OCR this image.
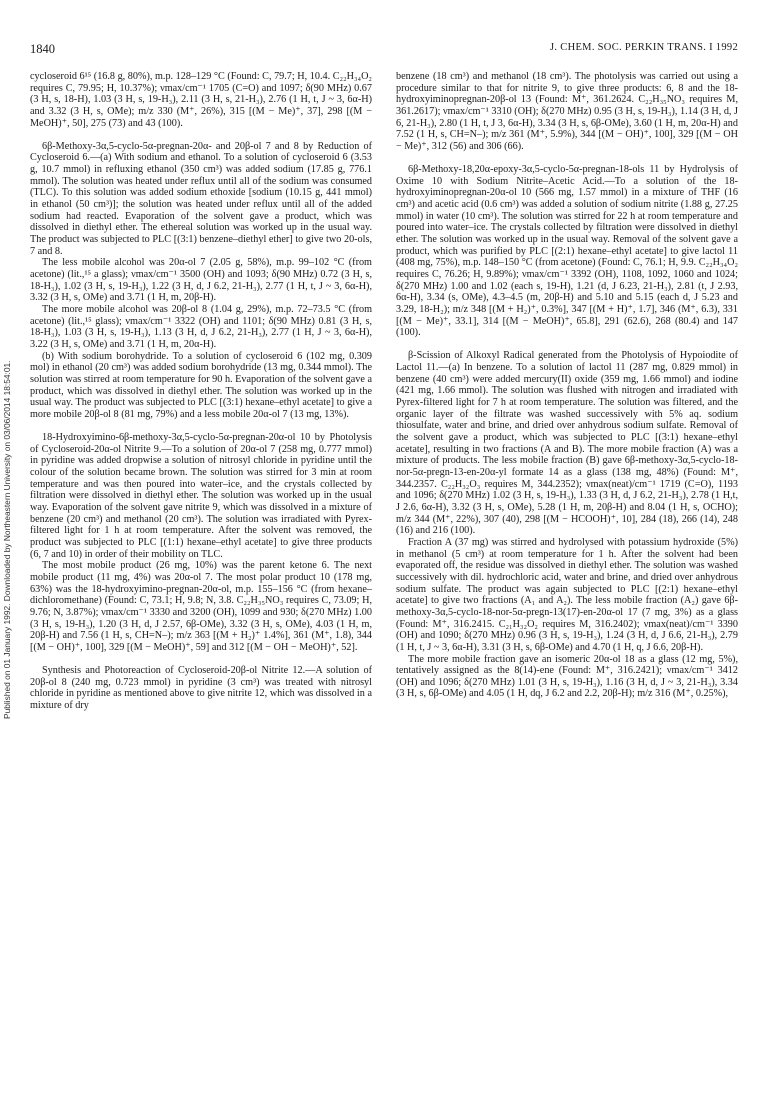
1840	J. CHEM. SOC. PERKIN TRANS. I 1992
Published on 01 January 1992. Downloaded by Northeastern University on 03/06/2014 18:54:01.

cycloseroid 6¹⁵ (16.8 g, 80%), m.p. 128–129 °C (Found: C, 79.7; H, 10.4. C₂₂H₃₄O₂ requires C, 79.95; H, 10.37%); νmax/cm⁻¹ 1705 (C=O) and 1097; δ(90 MHz) 0.67 (3 H, s, 18-H), 1.03 (3 H, s, 19-H₃), 2.11 (3 H, s, 21-H₃), 2.76 (1 H, t, J ~ 3, 6α-H) and 3.32 (3 H, s, OMe); m/z 330 (M⁺, 26%), 315 [(M − Me)⁺, 37], 298 [(M − MeOH)⁺, 50], 275 (73) and 43 (100).

6β-Methoxy-3α,5-cyclo-5α-pregnan-20α- and 20β-ol 7 and 8 by Reduction of Cycloseroid 6.—(a) With sodium and ethanol. To a solution of cycloseroid 6 (3.53 g, 10.7 mmol) in refluxing ethanol (350 cm³) was added sodium (17.85 g, 776.1 mmol). The solution was heated under reflux until all of the sodium was consumed (TLC). To this solution was added sodium ethoxide [sodium (10.15 g, 441 mmol) in ethanol (50 cm³)]; the solution was heated under reflux until all of the added sodium had reacted. Evaporation of the solvent gave a product, which was dissolved in diethyl ether. The ethereal solution was worked up in the usual way. The product was subjected to PLC [(3:1) benzene–diethyl ether] to give two 20-ols, 7 and 8.

The less mobile alcohol was 20α-ol 7 (2.05 g, 58%), m.p. 99–102 °C (from acetone) (lit.,¹⁵ a glass); νmax/cm⁻¹ 3500 (OH) and 1093; δ(90 MHz) 0.72 (3 H, s, 18-H₃), 1.02 (3 H, s, 19-H₃), 1.22 (3 H, d, J 6.2, 21-H₃), 2.77 (1 H, t, J ~ 3, 6α-H), 3.32 (3 H, s, OMe) and 3.71 (1 H, m, 20β-H).

The more mobile alcohol was 20β-ol 8 (1.04 g, 29%), m.p. 72–73.5 °C (from acetone) (lit.,¹⁵ glass); νmax/cm⁻¹ 3322 (OH) and 1101; δ(90 MHz) 0.81 (3 H, s, 18-H₃), 1.03 (3 H, s, 19-H₃), 1.13 (3 H, d, J 6.2, 21-H₃), 2.77 (1 H, J ~ 3, 6α-H), 3.22 (3 H, s, OMe) and 3.71 (1 H, m, 20α-H).

(b) With sodium borohydride. To a solution of cycloseroid 6 (102 mg, 0.309 mol) in ethanol (20 cm³) was added sodium borohydride (13 mg, 0.344 mmol). The solution was stirred at room temperature for 90 h. Evaporation of the solvent gave a product, which was dissolved in diethyl ether. The solution was worked up in the usual way. The product was subjected to PLC [(3:1) hexane–ethyl acetate] to give a more mobile 20β-ol 8 (81 mg, 79%) and a less mobile 20α-ol 7 (13 mg, 13%).

18-Hydroxyimino-6β-methoxy-3α,5-cyclo-5α-pregnan-20α-ol 10 by Photolysis of Cycloseroid-20α-ol Nitrite 9.—To a solution of 20α-ol 7 (258 mg, 0.777 mmol) in pyridine was added dropwise a solution of nitrosyl chloride in pyridine until the colour of the solution became brown. The solution was stirred for 3 min at room temperature and was then poured into water–ice, and the crystals collected by filtration were dissolved in diethyl ether. The solution was worked up in the usual way. Evaporation of the solvent gave nitrite 9, which was dissolved in a mixture of benzene (20 cm³) and methanol (20 cm³). The solution was irradiated with Pyrex-filtered light for 1 h at room temperature. After the solvent was removed, the product was subjected to PLC [(1:1) hexane–ethyl acetate] to give three products (6, 7 and 10) in order of their mobility on TLC.

The most mobile product (26 mg, 10%) was the parent ketone 6. The next mobile product (11 mg, 4%) was 20α-ol 7. The most polar product 10 (178 mg, 63%) was the 18-hydroxyimino-pregnan-20α-ol, m.p. 155–156 °C (from hexane–dichloromethane) (Found: C, 73.1; H, 9.8; N, 3.8. C₂₂H₃₅NO₃ requires C, 73.09; H, 9.76; N, 3.87%); νmax/cm⁻¹ 3330 and 3200 (OH), 1099 and 930; δ(270 MHz) 1.00 (3 H, s, 19-H₃), 1.20 (3 H, d, J 2.57, 6β-OMe), 3.32 (3 H, s, OMe), 4.03 (1 H, m, 20β-H) and 7.56 (1 H, s, CH=N–); m/z 363 [(M + H₂)⁺ 1.4%], 361 (M⁺, 1.8), 344 [(M − OH)⁺, 100], 329 [(M − MeOH)⁺, 59] and 312 [(M − OH − MeOH)⁺, 52].

Synthesis and Photoreaction of Cycloseroid-20β-ol Nitrite 12.—A solution of 20β-ol 8 (240 mg, 0.723 mmol) in pyridine (3 cm³) was treated with nitrosyl chloride in pyridine as mentioned above to give nitrite 12, which was dissolved in a mixture of dry

benzene (18 cm³) and methanol (18 cm³). The photolysis was carried out using a procedure similar to that for nitrite 9, to give three products: 6, 8 and the 18-hydroxyiminopregnan-20β-ol 13 (Found: M⁺, 361.2624. C₂₂H₃₅NO₃ requires M, 361.2617); νmax/cm⁻¹ 3310 (OH); δ(270 MHz) 0.95 (3 H, s, 19-H₃), 1.14 (3 H, d, J 6, 21-H₃), 2.80 (1 H, t, J 3, 6α-H), 3.34 (3 H, s, 6β-OMe), 3.60 (1 H, m, 20α-H) and 7.52 (1 H, s, CH=N–); m/z 361 (M⁺, 5.9%), 344 [(M − OH)⁺, 100], 329 [(M − OH − Me)⁺, 312 (56) and 306 (66).

6β-Methoxy-18,20α-epoxy-3α,5-cyclo-5α-pregnan-18-ols 11 by Hydrolysis of Oxime 10 with Sodium Nitrite–Acetic Acid.—To a solution of the 18-hydroxyiminopregnan-20α-ol 10 (566 mg, 1.57 mmol) in a mixture of THF (16 cm³) and acetic acid (0.6 cm³) was added a solution of sodium nitrite (1.88 g, 27.25 mmol) in water (10 cm³). The solution was stirred for 22 h at room temperature and poured into water–ice. The crystals collected by filtration were dissolved in diethyl ether. The solution was worked up in the usual way. Removal of the solvent gave a product, which was purified by PLC [(2:1) hexane–ethyl acetate] to give lactol 11 (408 mg, 75%), m.p. 148–150 °C (from acetone) (Found: C, 76.1; H, 9.9. C₂₂H₃₄O₂ requires C, 76.26; H, 9.89%); νmax/cm⁻¹ 3392 (OH), 1108, 1092, 1060 and 1024; δ(270 MHz) 1.00 and 1.02 (each s, 19-H), 1.21 (d, J 6.23, 21-H₃), 2.81 (t, J 2.93, 6α-H), 3.34 (s, OMe), 4.3–4.5 (m, 20β-H) and 5.10 and 5.15 (each d, J 5.23 and 3.29, 18-H₂); m/z 348 [(M + H₂)⁺, 0.3%], 347 [(M + H)⁺, 1.7], 346 (M⁺, 6.3), 331 [(M − Me)⁺, 33.1], 314 [(M − MeOH)⁺, 65.8], 291 (62.6), 268 (80.4) and 147 (100).

β-Scission of Alkoxyl Radical generated from the Photolysis of Hypoiodite of Lactol 11.—(a) In benzene. To a solution of lactol 11 (287 mg, 0.829 mmol) in benzene (40 cm³) were added mercury(II) oxide (359 mg, 1.66 mmol) and iodine (421 mg, 1.66 mmol). The solution was flushed with nitrogen and irradiated with Pyrex-filtered light for 7 h at room temperature. The solution was filtered, and the organic layer of the filtrate was washed successively with 5% aq. sodium thiosulfate, water and brine, and dried over anhydrous sodium sulfate. Removal of the solvent gave a product, which was subjected to PLC [(3:1) hexane–ethyl acetate], resulting in two fractions (A and B). The more mobile fraction (A) was a mixture of products. The less mobile fraction (B) gave 6β-methoxy-3α,5-cyclo-18-nor-5α-pregn-13-en-20α-yl formate 14 as a glass (138 mg, 48%) (Found: M⁺, 344.2357. C₂₂H₃₂O₃ requires M, 344.2352); νmax(neat)/cm⁻¹ 1719 (C=O), 1193 and 1096; δ(270 MHz) 1.02 (3 H, s, 19-H₃), 1.33 (3 H, d, J 6.2, 21-H₃), 2.78 (1 H,t, J 2.6, 6α-H), 3.32 (3 H, s, OMe), 5.28 (1 H, m, 20β-H) and 8.04 (1 H, s, OCHO); m/z 344 (M⁺, 22%), 307 (40), 298 [(M − HCOOH)⁺, 10], 284 (18), 266 (14), 248 (16) and 216 (100).

Fraction A (37 mg) was stirred and hydrolysed with potassium hydroxide (5%) in methanol (5 cm³) at room temperature for 1 h. After the solvent had been evaporated off, the residue was dissolved in diethyl ether. The solution was washed successively with dil. hydrochloric acid, water and brine, and dried over anhydrous sodium sulfate. The product was again subjected to PLC [(2:1) hexane–ethyl acetate] to give two fractions (A₁ and A₂). The less mobile fraction (A₂) gave 6β-methoxy-3α,5-cyclo-18-nor-5α-pregn-13(17)-en-20α-ol 17 (7 mg, 3%) as a glass (Found: M⁺, 316.2415. C₂₁H₃₂O₂ requires M, 316.2402); νmax(neat)/cm⁻¹ 3390 (OH) and 1090; δ(270 MHz) 0.96 (3 H, s, 19-H₃), 1.24 (3 H, d, J 6.6, 21-H₃), 2.79 (1 H, t, J ~ 3, 6α-H), 3.31 (3 H, s, 6β-OMe) and 4.70 (1 H, q, J 6.6, 20β-H).

The more mobile fraction gave an isomeric 20α-ol 18 as a glass (12 mg, 5%), tentatively assigned as the 8(14)-ene (Found: M⁺, 316.2421); νmax/cm⁻¹ 3412 (OH) and 1096; δ(270 MHz) 1.01 (3 H, s, 19-H₃), 1.16 (3 H, d, J ~ 3, 21-H₃), 3.34 (3 H, s, 6β-OMe) and 4.05 (1 H, dq, J 6.2 and 2.2, 20β-H); m/z 316 (M⁺, 0.25%),
